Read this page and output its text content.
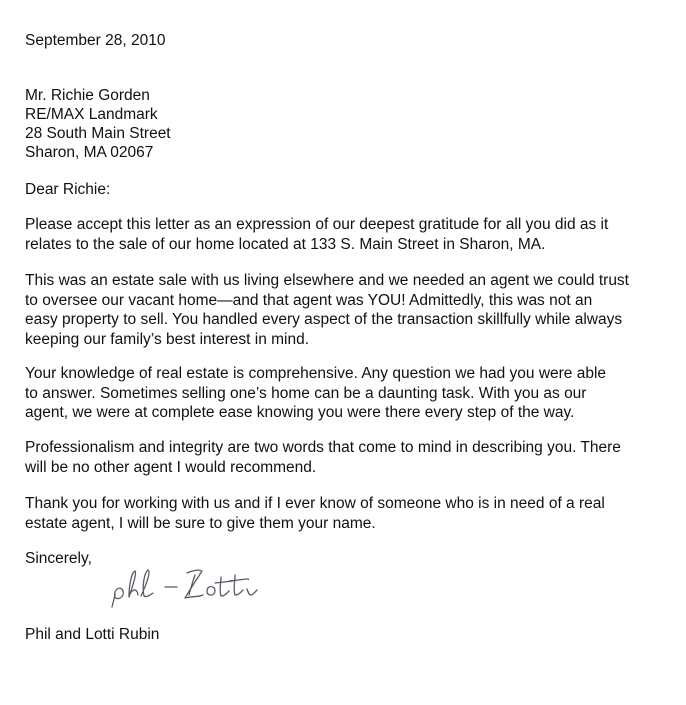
September 28, 2010
Mr. Richie Gorden
RE/MAX Landmark
28 South Main Street
Sharon, MA 02067
Dear Richie:
Please accept this letter as an expression of our deepest gratitude for all you did as it
relates to the sale of our home located at 133 S. Main Street in Sharon, MA.
This was an estate sale with us living elsewhere and we needed an agent we could trust
to oversee our vacant home—and that agent was YOU! Admittedly, this was not an
easy property to sell. You handled every aspect of the transaction skillfully while always
keeping our family’s best interest in mind.
Your knowledge of real estate is comprehensive. Any question we had you were able
to answer. Sometimes selling one’s home can be a daunting task. With you as our
agent, we were at complete ease knowing you were there every step of the way.
Professionalism and integrity are two words that come to mind in describing you. There
will be no other agent I would recommend.
Thank you for working with us and if I ever know of someone who is in need of a real
estate agent, I will be sure to give them your name.
Sincerely,
Phil and Lotti Rubin
